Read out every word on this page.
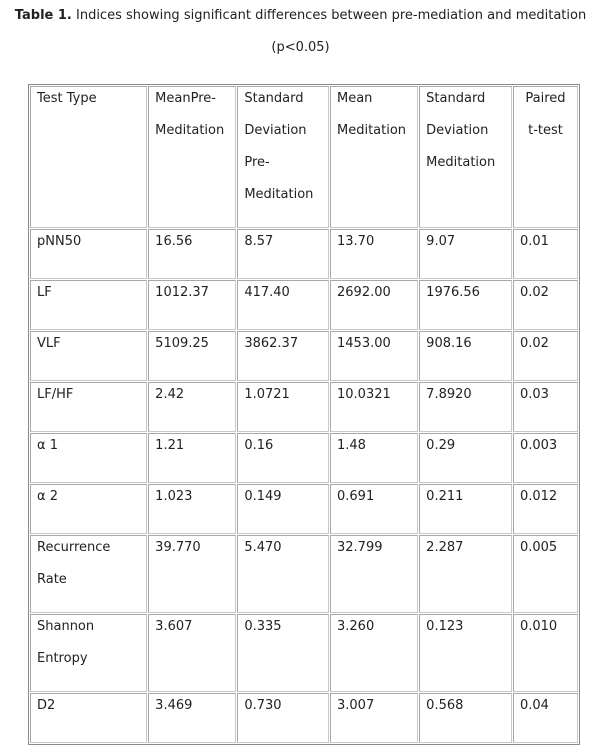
Table 1. Indices showing significant differences between pre-mediation and meditation
(p<0.05)
Test Type	MeanPre-Meditation	Standard Deviation Pre-Meditation	Mean Meditation	Standard Deviation Meditation	Paired t-test

pNN50	16.56	8.57	13.70	9.07	0.01

LF	1012.37	417.40	2692.00	1976.56	0.02

VLF	5109.25	3862.37	1453.00	908.16	0.02

LF/HF	2.42	1.0721	10.0321	7.8920	0.03

α 1	1.21	0.16	1.48	0.29	0.003

α 2	1.023	0.149	0.691	0.211	0.012

Recurrence Rate	39.770	5.470	32.799	2.287	0.005

Shannon Entropy	3.607	0.335	3.260	0.123	0.010

D2	3.469	0.730	3.007	0.568	0.04
